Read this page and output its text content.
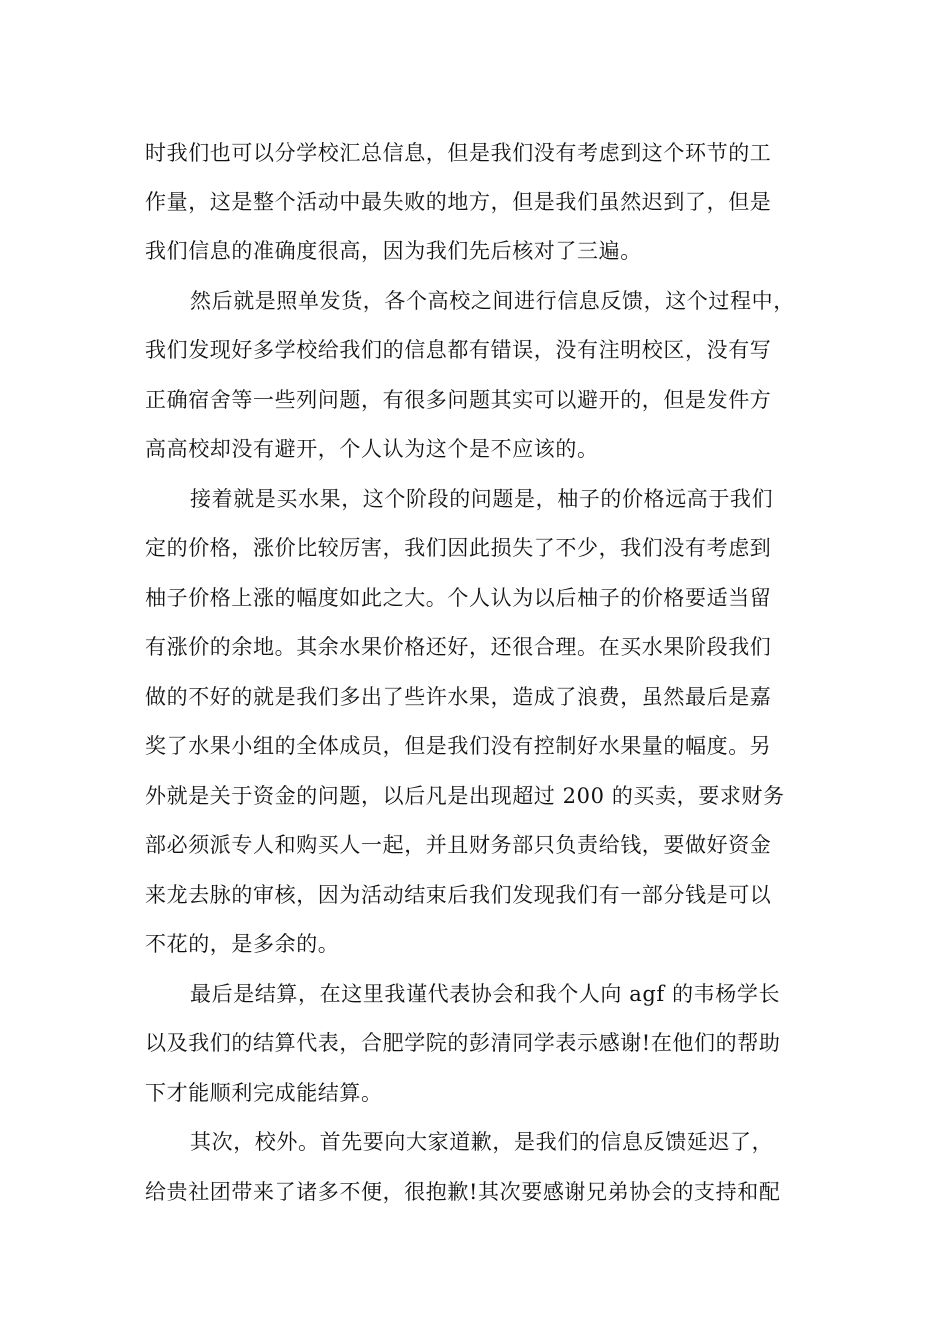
时我们也可以分学校汇总信息，但是我们没有考虑到这个环节的工
作量，这是整个活动中最失败的地方，但是我们虽然迟到了，但是
我们信息的准确度很高，因为我们先后核对了三遍。
然后就是照单发货，各个高校之间进行信息反馈，这个过程中，
我们发现好多学校给我们的信息都有错误，没有注明校区，没有写
正确宿舍等一些列问题，有很多问题其实可以避开的，但是发件方
高高校却没有避开，个人认为这个是不应该的。
接着就是买水果，这个阶段的问题是，柚子的价格远高于我们
定的价格，涨价比较厉害，我们因此损失了不少，我们没有考虑到
柚子价格上涨的幅度如此之大。个人认为以后柚子的价格要适当留
有涨价的余地。其余水果价格还好，还很合理。在买水果阶段我们
做的不好的就是我们多出了些许水果，造成了浪费，虽然最后是嘉
奖了水果小组的全体成员，但是我们没有控制好水果量的幅度。另
外就是关于资金的问题，以后凡是出现超过 200 的买卖，要求财务
部必须派专人和购买人一起，并且财务部只负责给钱，要做好资金
来龙去脉的审核，因为活动结束后我们发现我们有一部分钱是可以
不花的，是多余的。
最后是结算，在这里我谨代表协会和我个人向 agf 的韦杨学长
以及我们的结算代表，合肥学院的彭清同学表示感谢!在他们的帮助
下才能顺利完成能结算。
其次，校外。首先要向大家道歉，是我们的信息反馈延迟了，
给贵社团带来了诸多不便，很抱歉!其次要感谢兄弟协会的支持和配
